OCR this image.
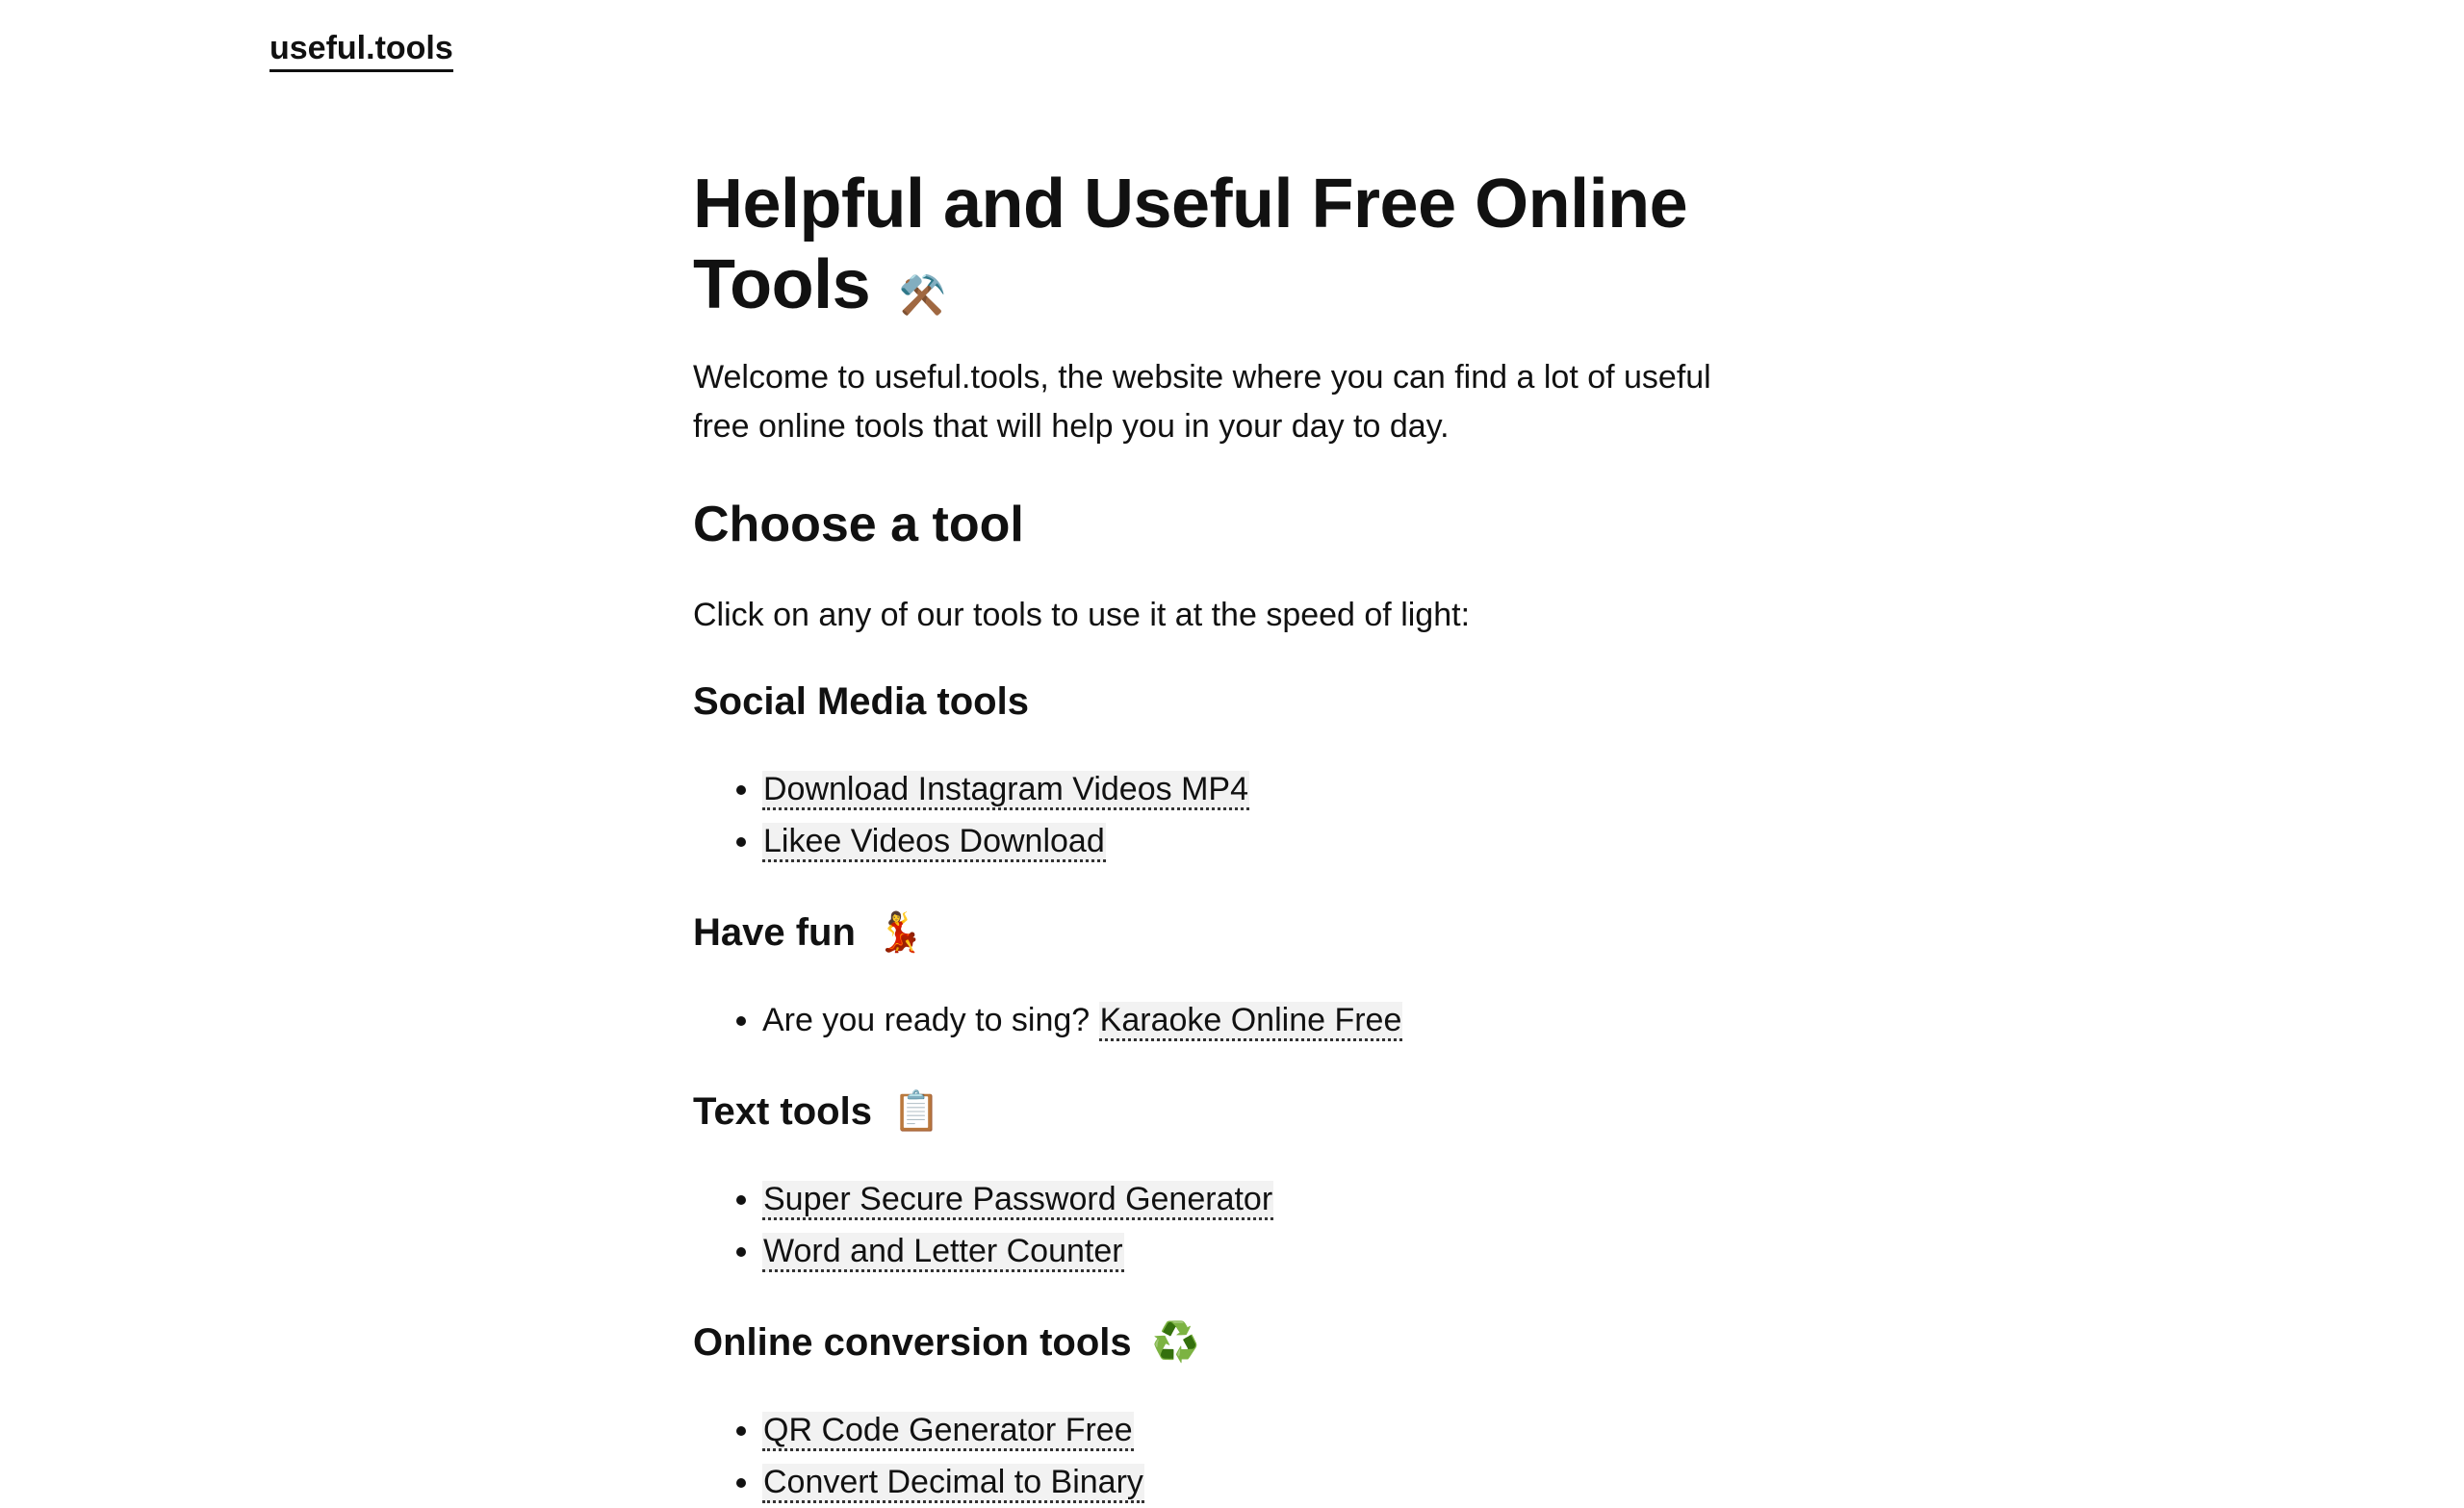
useful.tools
Helpful and Useful Free Online Tools ⚒️

Welcome to useful.tools, the website where you can find a lot of useful free online tools that will help you in your day to day.

Choose a tool

Click on any of our tools to use it at the speed of light:

Social Media tools
• Download Instagram Videos MP4
• Likee Videos Download
Have fun 💃
• Are you ready to sing? Karaoke Online Free
Text tools 📋
• Super Secure Password Generator
• Word and Letter Counter
Online conversion tools ♻️
• QR Code Generator Free
• Convert Decimal to Binary
